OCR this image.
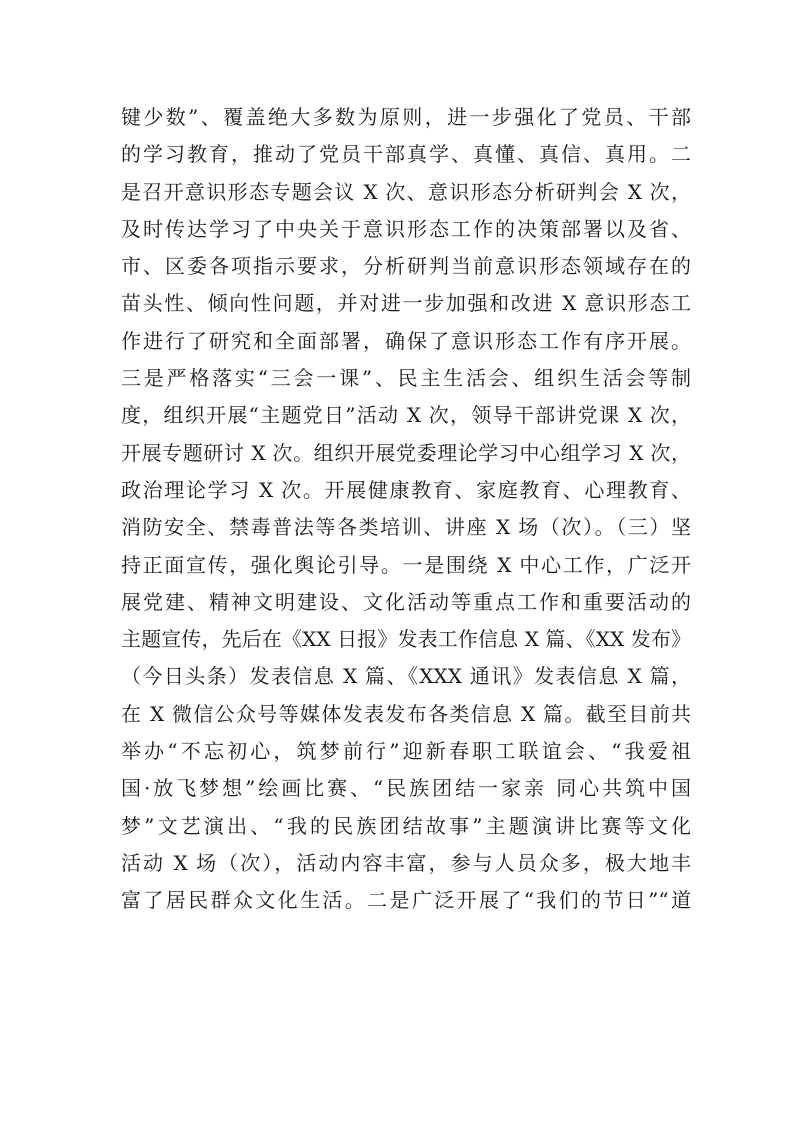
键少数”、覆盖绝大多数为原则，进一步强化了党员、干部
的学习教育，推动了党员干部真学、真懂、真信、真用。二
是召开意识形态专题会议 X 次、意识形态分析研判会 X 次，
及时传达学习了中央关于意识形态工作的决策部署以及省、
市、区委各项指示要求，分析研判当前意识形态领域存在的
苗头性、倾向性问题，并对进一步加强和改进 X 意识形态工
作进行了研究和全面部署，确保了意识形态工作有序开展。
三是严格落实“三会一课”、民主生活会、组织生活会等制
度，组织开展“主题党日”活动 X 次，领导干部讲党课 X 次，
开展专题研讨 X 次。组织开展党委理论学习中心组学习 X 次，
政治理论学习 X 次。开展健康教育、家庭教育、心理教育、
消防安全、禁毒普法等各类培训、讲座 X 场（次）。（三）坚
持正面宣传，强化舆论引导。一是围绕 X 中心工作，广泛开
展党建、精神文明建设、文化活动等重点工作和重要活动的
主题宣传，先后在《XX 日报》发表工作信息 X 篇、《XX 发布》
（今日头条）发表信息 X 篇、《XXX 通讯》发表信息 X 篇，
在 X 微信公众号等媒体发表发布各类信息 X 篇。截至目前共
举办“不忘初心，筑梦前行”迎新春职工联谊会、“我爱祖
国·放飞梦想”绘画比赛、“民族团结一家亲 同心共筑中国
梦”文艺演出、“我的民族团结故事”主题演讲比赛等文化
活动 X 场（次），活动内容丰富，参与人员众多，极大地丰
富了居民群众文化生活。二是广泛开展了“我们的节日”“道
